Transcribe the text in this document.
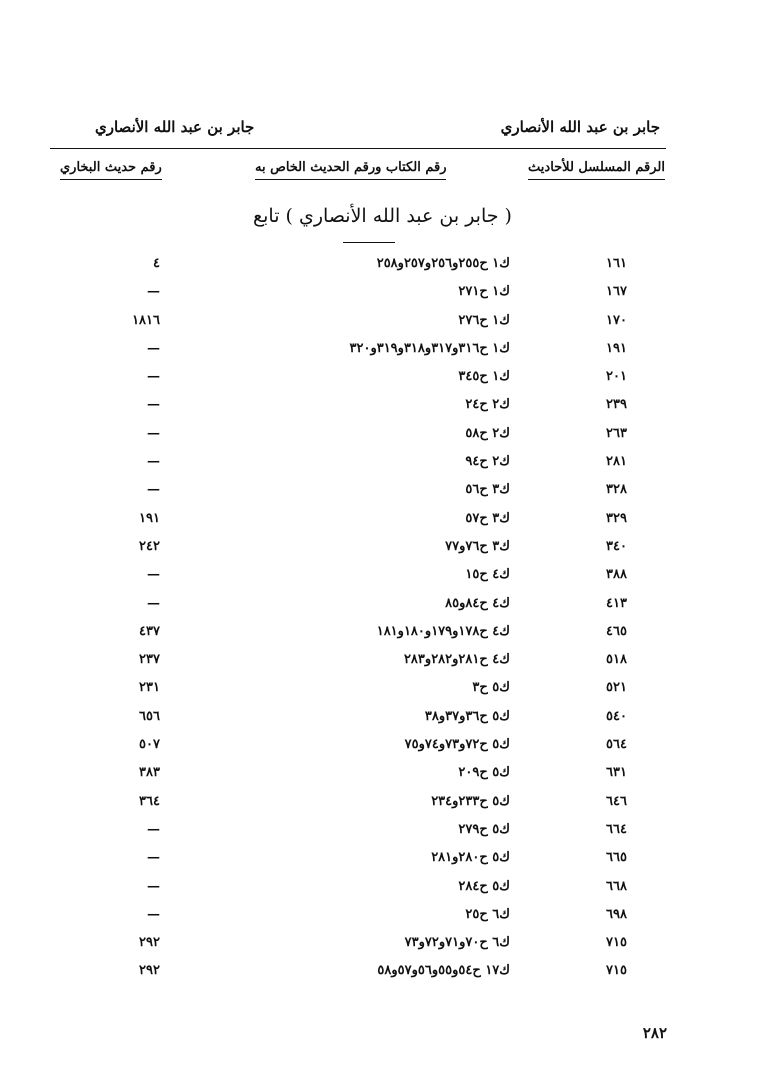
جابر بن عبد الله الأنصاري
جابر بن عبد الله الأنصاري
الرقم المسلسل للأحاديث
رقم الكتاب ورقم الحديث الخاص به
رقم حديث البخاري
( جابر بن عبد الله الأنصاري ) تابع
١٦١
ك١ ح٢٥٥و٢٥٦و٢٥٧و٢٥٨
٤
١٦٧
ك١ ح٢٧١
—
١٧٠
ك١ ح٢٧٦
١٨١٦
١٩١
ك١ ح٣١٦و٣١٧و٣١٨و٣١٩و٣٢٠
—
٢٠١
ك١ ح٣٤٥
—
٢٣٩
ك٢ ح٢٤
—
٢٦٣
ك٢ ح٥٨
—
٢٨١
ك٢ ح٩٤
—
٣٢٨
ك٣ ح٥٦
—
٣٢٩
ك٣ ح٥٧
١٩١
٣٤٠
ك٣ ح٧٦و٧٧
٢٤٢
٣٨٨
ك٤ ح١٥
—
٤١٣
ك٤ ح٨٤و٨٥
—
٤٦٥
ك٤ ح١٧٨و١٧٩و١٨٠و١٨١
٤٣٧
٥١٨
ك٤ ح٢٨١و٢٨٢و٢٨٣
٢٣٧
٥٢١
ك٥ ح٣
٢٣١
٥٤٠
ك٥ ح٣٦و٣٧و٣٨
٦٥٦
٥٦٤
ك٥ ح٧٢و٧٣و٧٤و٧٥
٥٠٧
٦٣١
ك٥ ح٢٠٩
٣٨٣
٦٤٦
ك٥ ح٢٣٣و٢٣٤
٣٦٤
٦٦٤
ك٥ ح٢٧٩
—
٦٦٥
ك٥ ح٢٨٠و٢٨١
—
٦٦٨
ك٥ ح٢٨٤
—
٦٩٨
ك٦ ح٢٥
—
٧١٥
ك٦ ح٧٠و٧١و٧٢و٧٣
٢٩٢
٧١٥
ك١٧ ح٥٤و٥٥و٥٦و٥٧و٥٨
٢٩٢
٢٨٢
